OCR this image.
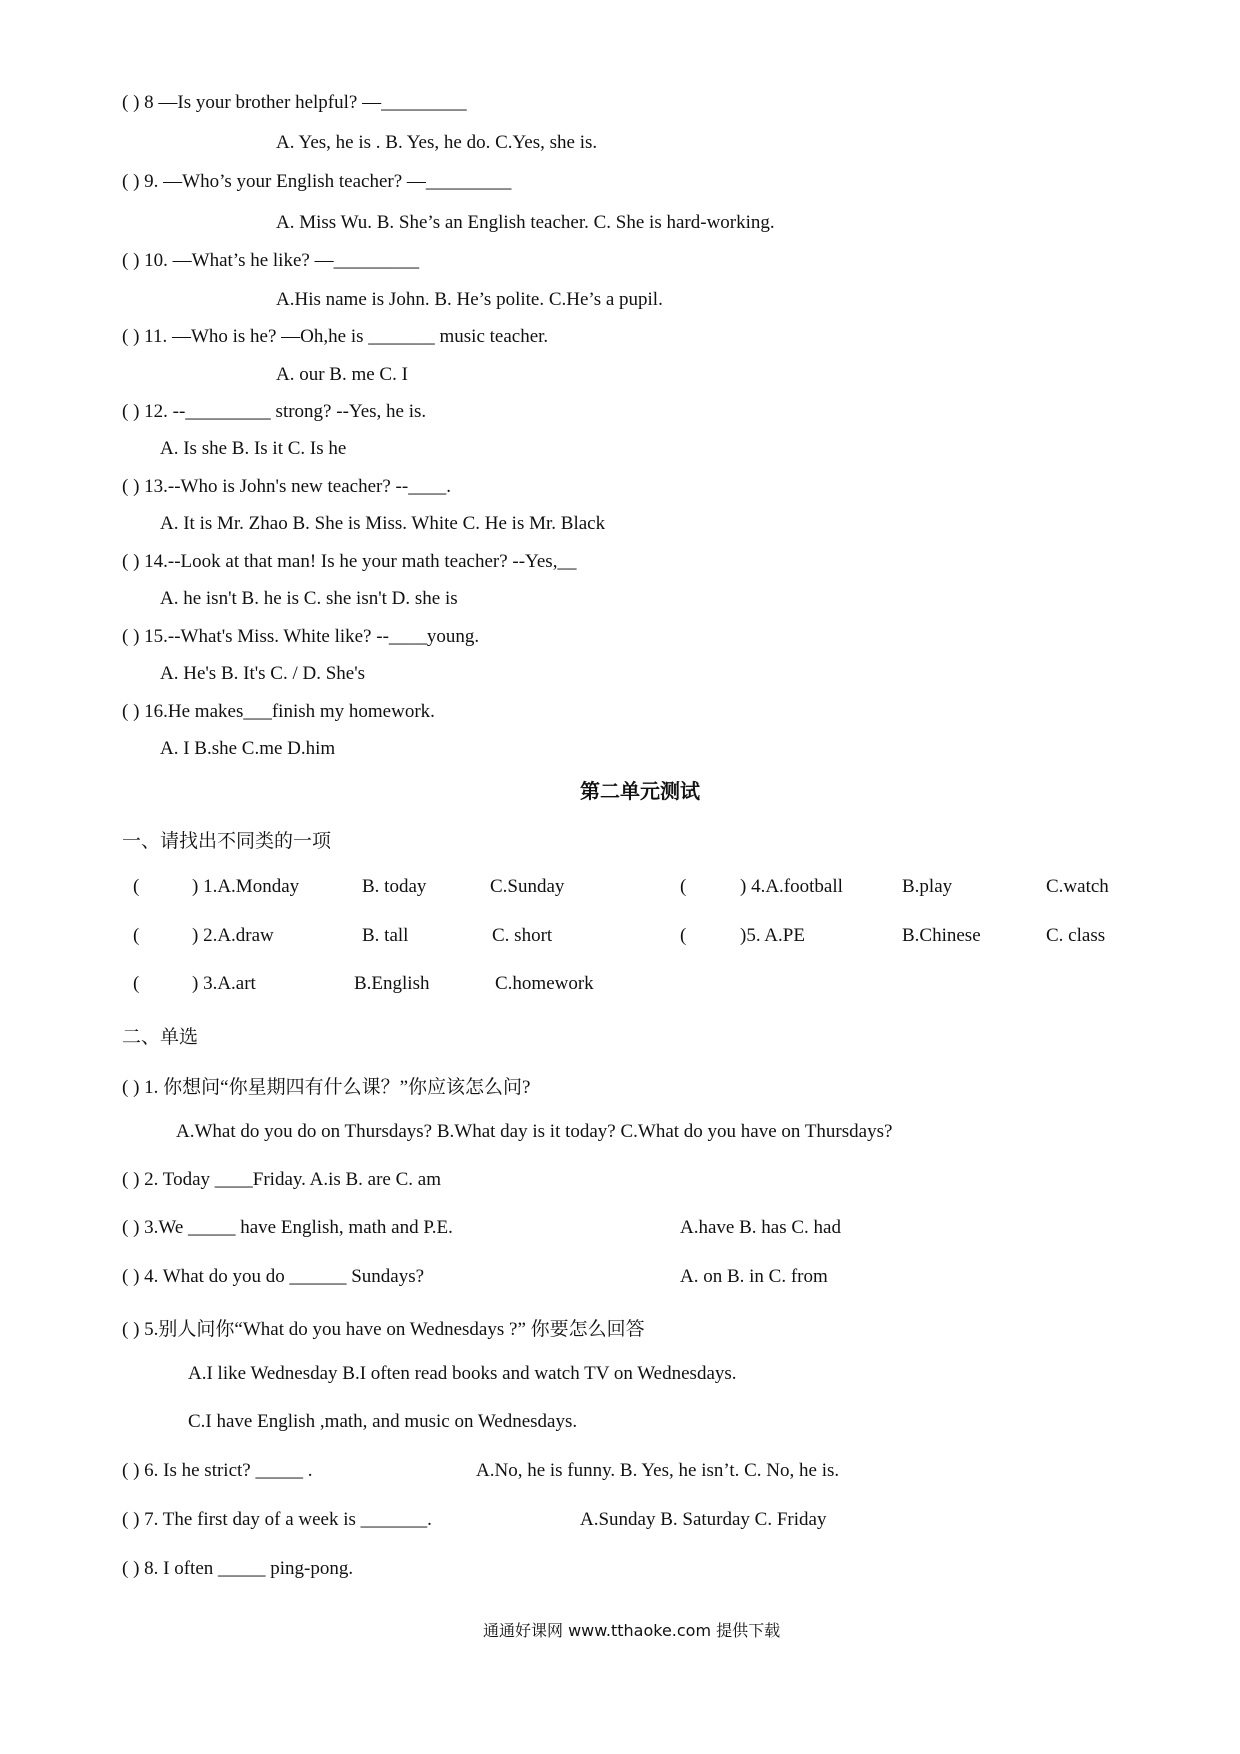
( ) 8 —Is your brother helpful? —_________
A. Yes, he is . B. Yes, he do. C.Yes, she is.
( ) 9. —Who’s your English teacher? —_________
A. Miss Wu. B. She’s an English teacher. C. She is hard-working.
( ) 10. —What’s he like? —_________
A.His name is John. B. He’s polite. C.He’s a pupil.
( ) 11. —Who is he? —Oh,he is _______ music teacher.
A. our B. me C. I
( ) 12. --_________ strong? --Yes, he is.
A. Is she B. Is it C. Is he
( ) 13.--Who is John's new teacher? --____.
A. It is Mr. Zhao B. She is Miss. White C. He is Mr. Black
( ) 14.--Look at that man! Is he your math teacher? --Yes,__
A. he isn't B. he is C. she isn't D. she is
( ) 15.--What's Miss. White like? --____young.
A. He's B. It's C. / D. She's
( ) 16.He makes___finish my homework.
A. I B.she C.me D.him
第二单元测试
一、请找出不同类的一项
(	) 1.A.Monday	B. today	C.Sunday	(	) 4.A.football	B.play	C.watch
(	) 2.A.draw	B. tall	C. short	(	)5. A.PE	B.Chinese	C. class
(	) 3.A.art	B.English	C.homework
二、单选
( ) 1. 你想问“你星期四有什么课？”你应该怎么问?
A.What do you do on Thursdays? B.What day is it today? C.What do you have on Thursdays?
( ) 2. Today ____Friday. A.is B. are C. am
( ) 3.We _____ have English, math and P.E.	A.have B. has C. had
( ) 4. What do you do ______ Sundays?	A. on B. in C. from
( ) 5.别人问你“What do you have on Wednesdays ?” 你要怎么回答
A.I like Wednesday B.I often read books and watch TV on Wednesdays.
C.I have English ,math, and music on Wednesdays.
( ) 6. Is he strict? _____ .	A.No, he is funny. B. Yes, he isn’t. C. No, he is.
( ) 7. The first day of a week is _______.	A.Sunday B. Saturday C. Friday
( ) 8. I often _____ ping-pong.
通通好课网 www.tthaoke.com 提供下载
